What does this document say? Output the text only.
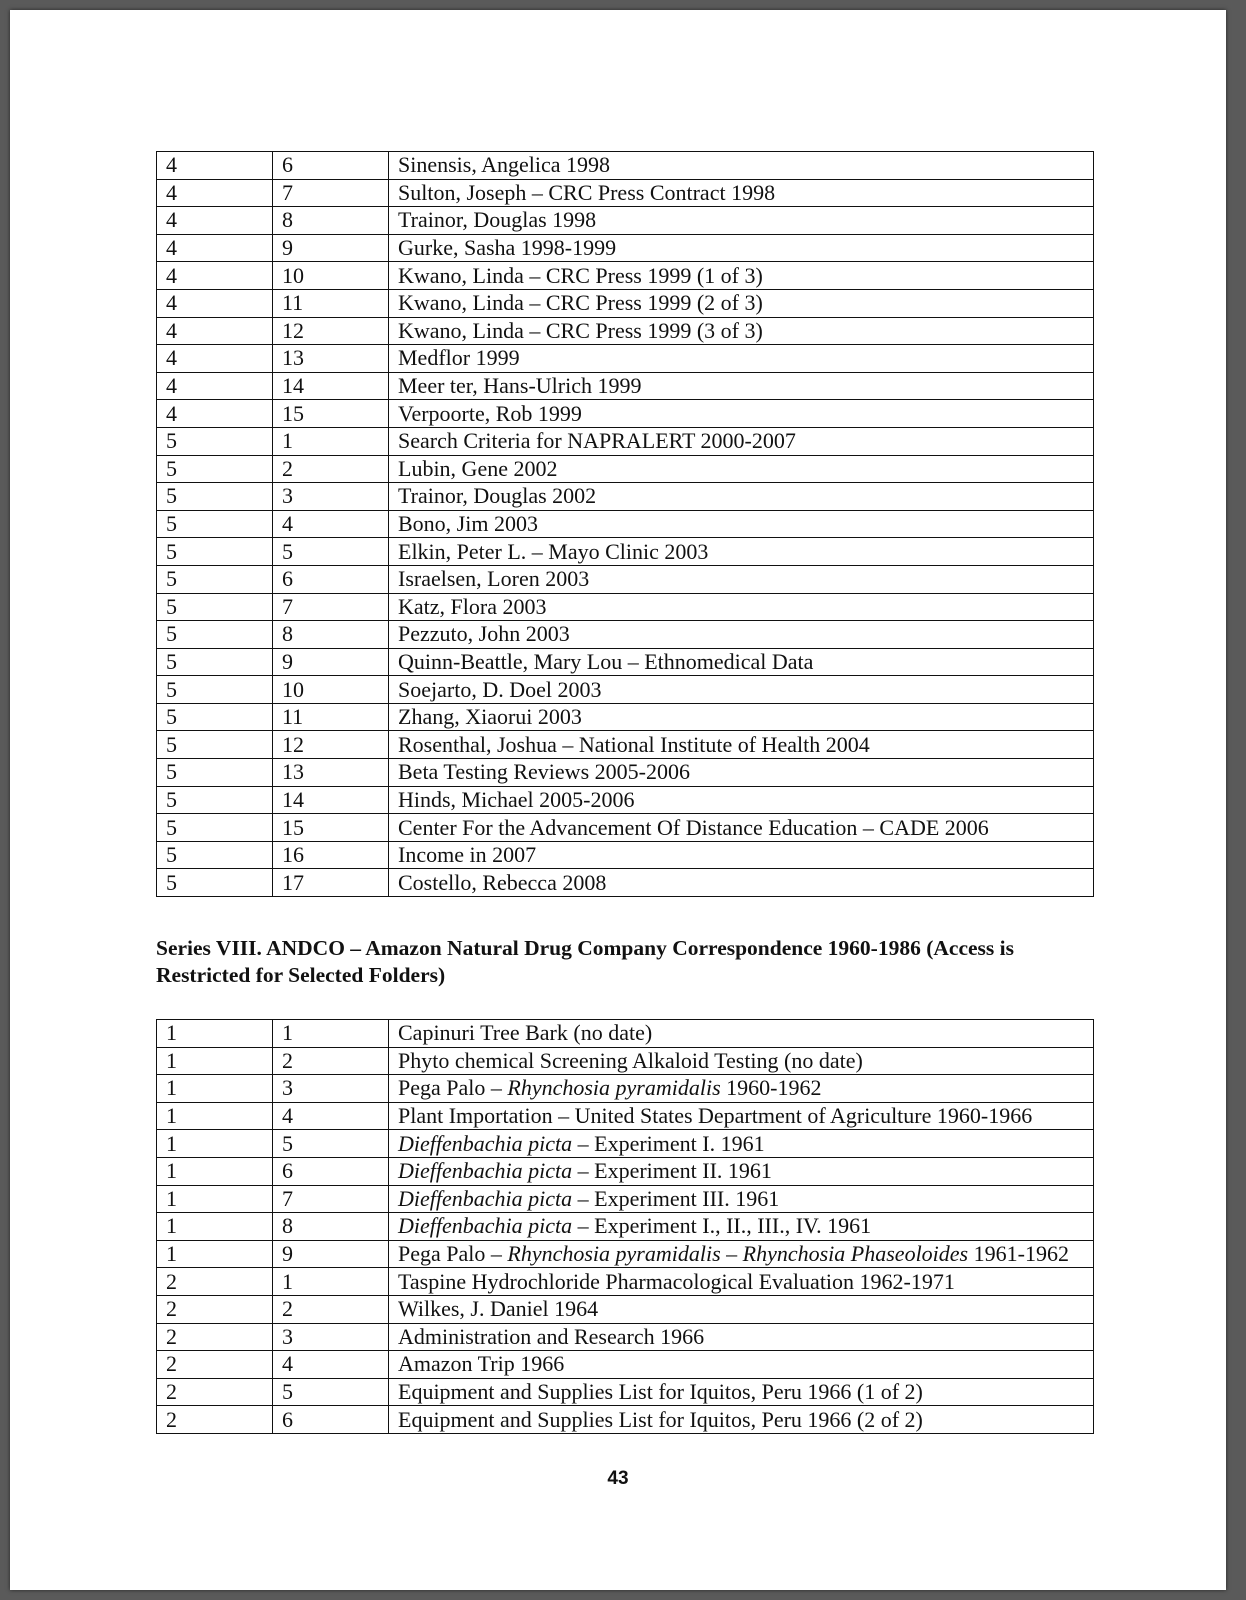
4	6	Sinensis, Angelica 1998
4	7	Sulton, Joseph – CRC Press Contract 1998
4	8	Trainor, Douglas 1998
4	9	Gurke, Sasha 1998-1999
4	10	Kwano, Linda – CRC Press 1999 (1 of 3)
4	11	Kwano, Linda – CRC Press 1999 (2 of 3)
4	12	Kwano, Linda – CRC Press 1999 (3 of 3)
4	13	Medflor 1999
4	14	Meer ter, Hans-Ulrich 1999
4	15	Verpoorte, Rob 1999
5	1	Search Criteria for NAPRALERT 2000-2007
5	2	Lubin, Gene 2002
5	3	Trainor, Douglas 2002
5	4	Bono, Jim 2003
5	5	Elkin, Peter L. – Mayo Clinic 2003
5	6	Israelsen, Loren 2003
5	7	Katz, Flora 2003
5	8	Pezzuto, John 2003
5	9	Quinn-Beattle, Mary Lou – Ethnomedical Data
5	10	Soejarto, D. Doel 2003
5	11	Zhang, Xiaorui 2003
5	12	Rosenthal, Joshua – National Institute of Health 2004
5	13	Beta Testing Reviews 2005-2006
5	14	Hinds, Michael 2005-2006
5	15	Center For the Advancement Of Distance Education – CADE 2006
5	16	Income in 2007
5	17	Costello, Rebecca 2008

Series VIII. ANDCO – Amazon Natural Drug Company Correspondence 1960-1986 (Access is Restricted for Selected Folders)

1	1	Capinuri Tree Bark (no date)
1	2	Phyto chemical Screening Alkaloid Testing (no date)
1	3	Pega Palo – Rhynchosia pyramidalis 1960-1962
1	4	Plant Importation – United States Department of Agriculture 1960-1966
1	5	Dieffenbachia picta – Experiment I. 1961
1	6	Dieffenbachia picta – Experiment II. 1961
1	7	Dieffenbachia picta – Experiment III. 1961
1	8	Dieffenbachia picta – Experiment I., II., III., IV. 1961
1	9	Pega Palo – Rhynchosia pyramidalis – Rhynchosia Phaseoloides 1961-1962
2	1	Taspine Hydrochloride Pharmacological Evaluation 1962-1971
2	2	Wilkes, J. Daniel 1964
2	3	Administration and Research 1966
2	4	Amazon Trip 1966
2	5	Equipment and Supplies List for Iquitos, Peru 1966 (1 of 2)
2	6	Equipment and Supplies List for Iquitos, Peru 1966 (2 of 2)
43
